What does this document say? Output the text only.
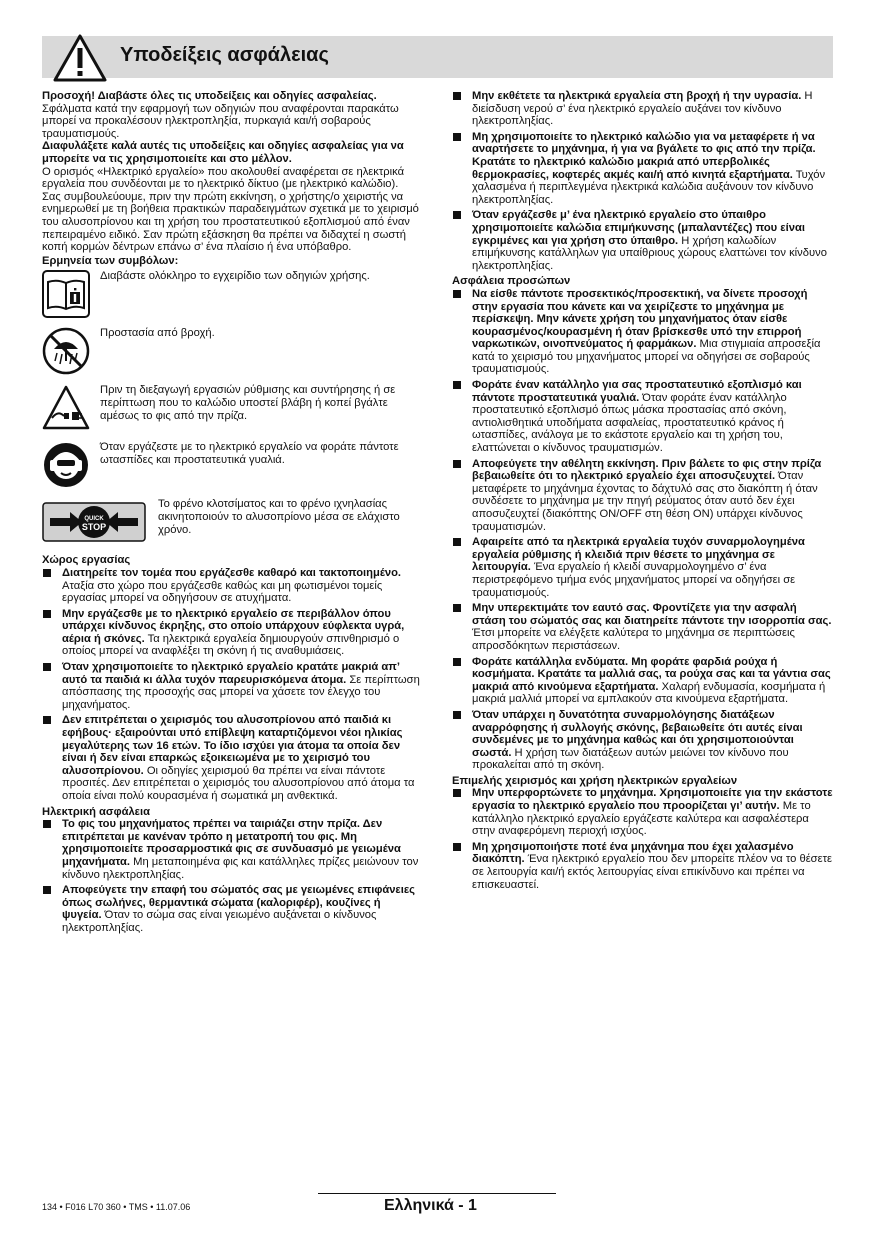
Υποδείξεις ασφάλειας

Προσοχή! Διαβάστε όλες τις υποδείξεις και οδηγίες ασφαλείας. Σφάλματα κατά την εφαρμογή των οδηγιών που αναφέρονται παρακάτω μπορεί να προκαλέσουν ηλεκτροπληξία, πυρκαγιά και/ή σοβαρούς τραυματισμούς.

Διαφυλάξετε καλά αυτές τις υποδείξεις και οδηγίες ασφαλείας για να μπορείτε να τις χρησιμοποιείτε και στο μέλλον.

Ο ορισμός «Ηλεκτρικό εργαλείο» που ακολουθεί αναφέρεται σε ηλεκτρικά εργαλεία που συνδέονται με το ηλεκτρικό δίκτυο (με ηλεκτρικό καλώδιο).

Σας συμβουλεύουμε, πριν την πρώτη εκκίνηση, ο χρήστης/ο χειριστής να ενημερωθεί με τη βοήθεια πρακτικών παραδειγμάτων σχετικά με το χειρισμό του αλυσοπρίονου και τη χρήση του προστατευτικού εξοπλισμού από έναν πεπειραμένο ειδικό. Σαν πρώτη εξάσκηση θα πρέπει να διδαχτεί η σωστή κοπή κορμών δέντρων επάνω σ’ ένα πλαίσιο ή ένα υπόβαθρο.

Ερμηνεία των συμβόλων:

Διαβάστε ολόκληρο το εγχειρίδιο των οδηγιών χρήσης.

Προστασία από βροχή.

Πριν τη διεξαγωγή εργασιών ρύθμισης και συντήρησης ή σε περίπτωση που το καλώδιο υποστεί βλάβη ή κοπεί βγάλτε αμέσως το φις από την πρίζα.

Όταν εργάζεστε με το ηλεκτρικό εργαλείο να φοράτε πάντοτε ωτασπίδες και προστατευτικά γυαλιά.

QUICK
STOP

Το φρένο κλοτσίματος και το φρένο ιχνηλασίας ακινητοποιούν το αλυσοπρίονο μέσα σε ελάχιστο χρόνο.

Χώρος εργασίας

Διατηρείτε τον τομέα που εργάζεσθε καθαρό και τακτοποιημένο. Αταξία στο χώρο που εργάζεσθε καθώς και μη φωτισμένοι τομείς εργασίας μπορεί να οδηγήσουν σε ατυχήματα.
Μην εργάζεσθε με το ηλεκτρικό εργαλείο σε περιβάλλον όπου υπάρχει κίνδυνος έκρηξης, στο οποίο υπάρχουν εύφλεκτα υγρά, αέρια ή σκόνες. Τα ηλεκτρικά εργαλεία δημιουργούν σπινθηρισμό ο οποίος μπορεί να αναφλέξει τη σκόνη ή τις αναθυμιάσεις.
Όταν χρησιμοποιείτε το ηλεκτρικό εργαλείο κρατάτε μακριά απ’ αυτό τα παιδιά κι άλλα τυχόν παρευρισκόμενα άτομα. Σε περίπτωση απόσπασης της προσοχής σας μπορεί να χάσετε τον έλεγχο του μηχανήματος.
Δεν επιτρέπεται ο χειρισμός του αλυσοπρίονου από παιδιά κι εφήβους· εξαιρούνται υπό επίβλεψη καταρτιζόμενοι νέοι ηλικίας μεγαλύτερης των 16 ετών. Το ίδιο ισχύει για άτομα τα οποία δεν είναι ή δεν είναι επαρκώς εξοικειωμένα με το χειρισμό του αλυσοπρίονου. Οι οδηγίες χειρισμού θα πρέπει να είναι πάντοτε προσιτές. Δεν επιτρέπεται ο χειρισμός του αλυσοπρίονου από άτομα τα οποία είναι πολύ κουρασμένα ή σωματικά μη ανθεκτικά.

Ηλεκτρική ασφάλεια

Το φις του μηχανήματος πρέπει να ταιριάζει στην πρίζα. Δεν επιτρέπεται με κανέναν τρόπο η μετατροπή του φις. Μη χρησιμοποιείτε προσαρμοστικά φις σε συνδυασμό με γειωμένα μηχανήματα. Μη μεταποιημένα φις και κατάλληλες πρίζες μειώνουν τον κίνδυνο ηλεκτροπληξίας.
Αποφεύγετε την επαφή του σώματός σας με γειωμένες επιφάνειες όπως σωλήνες, θερμαντικά σώματα (καλοριφέρ), κουζίνες ή ψυγεία. Όταν το σώμα σας είναι γειωμένο αυξάνεται ο κίνδυνος ηλεκτροπληξίας.
Μην εκθέτετε τα ηλεκτρικά εργαλεία στη βροχή ή την υγρασία. Η διείσδυση νερού σ’ ένα ηλεκτρικό εργαλείο αυξάνει τον κίνδυνο ηλεκτροπληξίας.
Μη χρησιμοποιείτε το ηλεκτρικό καλώδιο για να μεταφέρετε ή να αναρτήσετε το μηχάνημα, ή για να βγάλετε το φις από την πρίζα. Κρατάτε το ηλεκτρικό καλώδιο μακριά από υπερβολικές θερμοκρασίες, κοφτερές ακμές και/ή από κινητά εξαρτήματα. Τυχόν χαλασμένα ή περιπλεγμένα ηλεκτρικά καλώδια αυξάνουν τον κίνδυνο ηλεκτροπληξίας.
Όταν εργάζεσθε μ’ ένα ηλεκτρικό εργαλείο στο ύπαιθρο χρησιμοποιείτε καλώδια επιμήκυνσης (μπαλαντέζες) που είναι εγκριμένες και για χρήση στο ύπαιθρο. Η χρήση καλωδίων επιμήκυνσης κατάλληλων για υπαίθριους χώρους ελαττώνει τον κίνδυνο ηλεκτροπληξίας.

Ασφάλεια προσώπων

Να είσθε πάντοτε προσεκτικός/προσεκτική, να δίνετε προσοχή στην εργασία που κάνετε και να χειρίζεστε το μηχάνημα με περίσκεψη. Μην κάνετε χρήση του μηχανήματος όταν είσθε κουρασμένος/κουρασμένη ή όταν βρίσκεσθε υπό την επιρροή ναρκωτικών, οινοπνεύματος ή φαρμάκων. Μια στιγμιαία απροσεξία κατά το χειρισμό του μηχανήματος μπορεί να οδηγήσει σε σοβαρούς τραυματισμούς.
Φοράτε έναν κατάλληλο για σας προστατευτικό εξοπλισμό και πάντοτε προστατευτικά γυαλιά. Όταν φοράτε έναν κατάλληλο προστατευτικό εξοπλισμό όπως μάσκα προστασίας από σκόνη, αντιολισθητικά υποδήματα ασφαλείας, προστατευτικό κράνος ή ωτασπίδες, ανάλογα με το εκάστοτε εργαλείο και τη χρήση του, ελαττώνεται ο κίνδυνος τραυματισμών.
Αποφεύγετε την αθέλητη εκκίνηση. Πριν βάλετε το φις στην πρίζα βεβαιωθείτε ότι το ηλεκτρικό εργαλείο έχει αποσυζευχτεί. Όταν μεταφέρετε το μηχάνημα έχοντας το δάχτυλό σας στο διακόπτη ή όταν συνδέσετε το μηχάνημα με την πηγή ρεύματος όταν αυτό δεν έχει αποσυζευχτεί (διακόπτης ON/OFF στη θέση ON) υπάρχει κίνδυνος τραυματισμών.
Αφαιρείτε από τα ηλεκτρικά εργαλεία τυχόν συναρμολογημένα εργαλεία ρύθμισης ή κλειδιά πριν θέσετε το μηχάνημα σε λειτουργία. Ένα εργαλείο ή κλειδί συναρμολογημένο σ’ ένα περιστρεφόμενο τμήμα ενός μηχανήματος μπορεί να οδηγήσει σε τραυματισμούς.
Μην υπερεκτιμάτε τον εαυτό σας. Φροντίζετε για την ασφαλή στάση του σώματός σας και διατηρείτε πάντοτε την ισορροπία σας. Έτσι μπορείτε να ελέγξετε καλύτερα το μηχάνημα σε περιπτώσεις απροσδόκητων περιστάσεων.
Φοράτε κατάλληλα ενδύματα. Μη φοράτε φαρδιά ρούχα ή κοσμήματα. Κρατάτε τα μαλλιά σας, τα ρούχα σας και τα γάντια σας μακριά από κινούμενα εξαρτήματα. Χαλαρή ενδυμασία, κοσμήματα ή μακριά μαλλιά μπορεί να εμπλακούν στα κινούμενα εξαρτήματα.
Όταν υπάρχει η δυνατότητα συναρμολόγησης διατάξεων αναρρόφησης ή συλλογής σκόνης, βεβαιωθείτε ότι αυτές είναι συνδεμένες με το μηχάνημα καθώς και ότι χρησιμοποιούνται σωστά. Η χρήση των διατάξεων αυτών μειώνει τον κίνδυνο που προκαλείται από τη σκόνη.

Επιμελής χειρισμός και χρήση ηλεκτρικών εργαλείων

Μην υπερφορτώνετε το μηχάνημα. Χρησιμοποιείτε για την εκάστοτε εργασία το ηλεκτρικό εργαλείο που προορίζεται γι’ αυτήν. Με το κατάλληλο ηλεκτρικό εργαλείο εργάζεστε καλύτερα και ασφαλέστερα στην αναφερόμενη περιοχή ισχύος.
Μη χρησιμοποιήστε ποτέ ένα μηχάνημα που έχει χαλασμένο διακόπτη. Ένα ηλεκτρικό εργαλείο που δεν μπορείτε πλέον να το θέσετε σε λειτουργία και/ή εκτός λειτουργίας είναι επικίνδυνο και πρέπει να επισκευαστεί.
134 • F016 L70 360 • TMS • 11.07.06	Ελληνικά - 1
